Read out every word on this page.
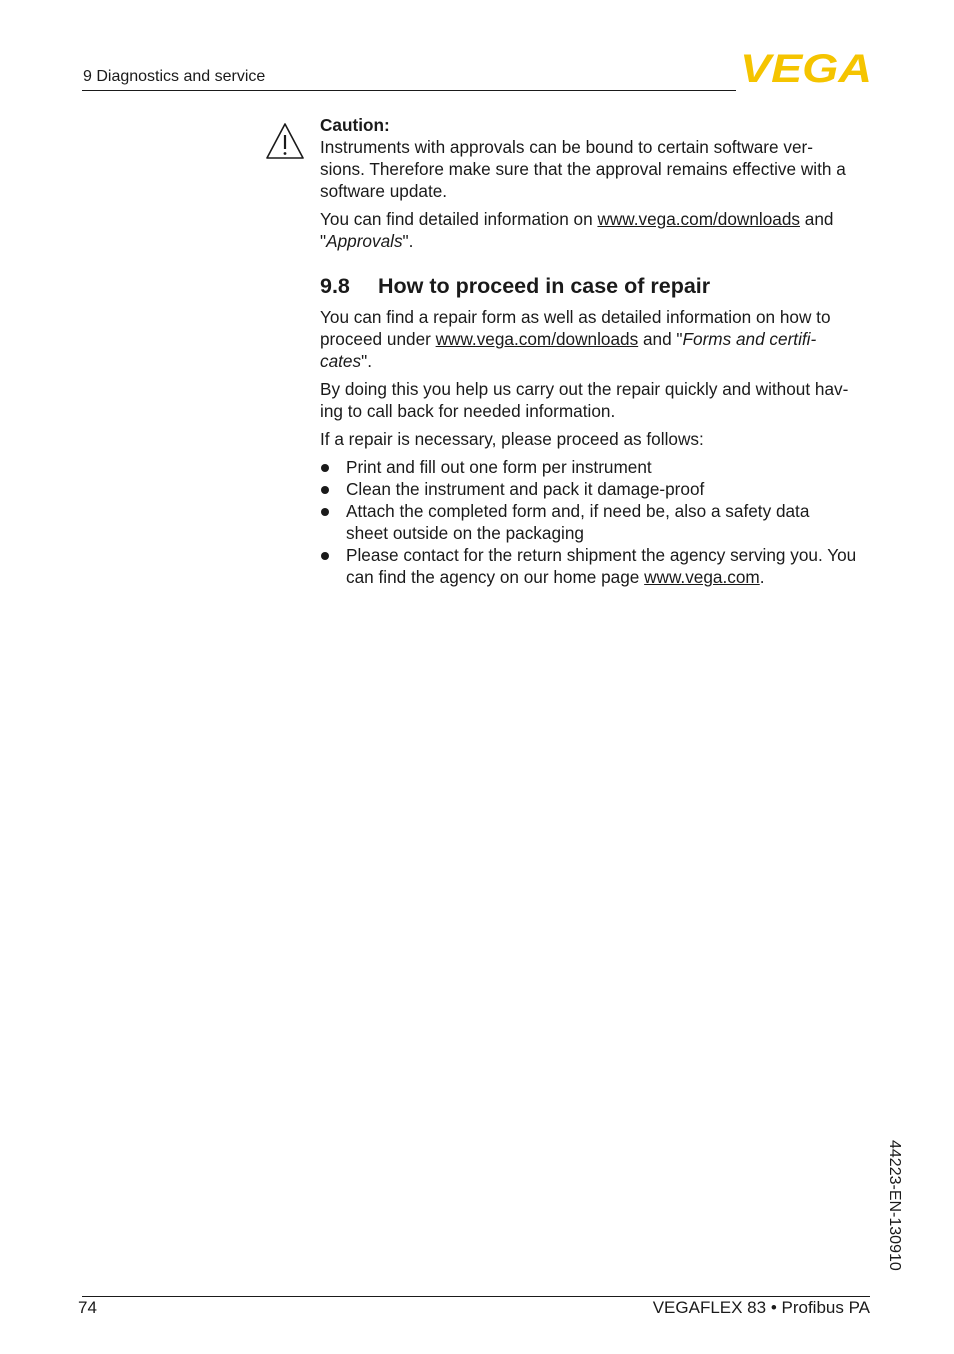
9 Diagnostics and service	VEGA
Caution:

Instruments with approvals can be bound to certain software ver-
sions. Therefore make sure that the approval remains effective with a
software update.

You can find detailed information on www.vega.com/downloads and
"Approvals".

9.8 How to proceed in case of repair

You can find a repair form as well as detailed information on how to
proceed under www.vega.com/downloads and "Forms and certifi-
cates".

By doing this you help us carry out the repair quickly and without hav-
ing to call back for needed information.

If a repair is necessary, please proceed as follows:

Print and fill out one form per instrument
Clean the instrument and pack it damage-proof
Attach the completed form and, if need be, also a safety data
sheet outside on the packaging
Please contact for the return shipment the agency serving you. You
can find the agency on our home page www.vega.com.
44223-EN-130910
74	VEGAFLEX 83 • Profibus PA
